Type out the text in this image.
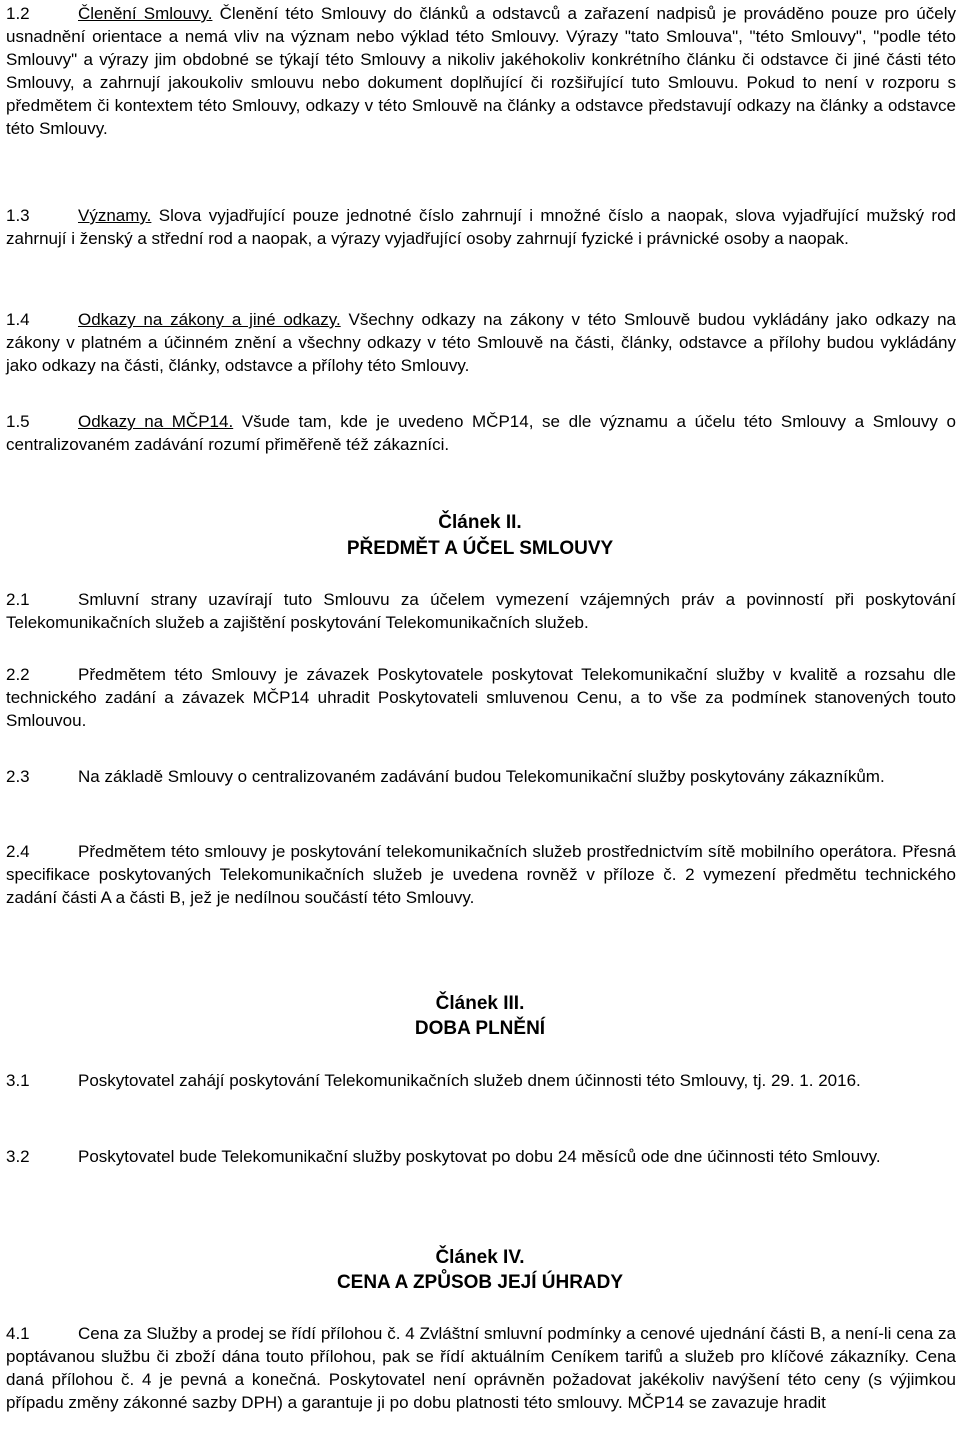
1.2	Členění Smlouvy. Členění této Smlouvy do článků a odstavců a zařazení nadpisů je prováděno pouze pro účely usnadnění orientace a nemá vliv na význam nebo výklad této Smlouvy. Výrazy "tato Smlouva", "této Smlouvy", "podle této Smlouvy" a výrazy jim obdobné se týkají této Smlouvy a nikoliv jakéhokoliv konkrétního článku či odstavce či jiné části této Smlouvy, a zahrnují jakoukoliv smlouvu nebo dokument doplňující či rozšiřující tuto Smlouvu. Pokud to není v rozporu s předmětem či kontextem této Smlouvy, odkazy v této Smlouvě na články a odstavce představují odkazy na články a odstavce této Smlouvy.
1.3	Významy. Slova vyjadřující pouze jednotné číslo zahrnují i množné číslo a naopak, slova vyjadřující mužský rod zahrnují i ženský a střední rod a naopak, a výrazy vyjadřující osoby zahrnují fyzické i právnické osoby a naopak.
1.4	Odkazy na zákony a jiné odkazy. Všechny odkazy na zákony v této Smlouvě budou vykládány jako odkazy na zákony v platném a účinném znění a všechny odkazy v této Smlouvě na části, články, odstavce a přílohy budou vykládány jako odkazy na části, články, odstavce a přílohy této Smlouvy.
1.5	Odkazy na MČP14. Všude tam, kde je uvedeno MČP14, se dle významu a účelu této Smlouvy a Smlouvy o centralizovaném zadávání rozumí přiměřeně též zákazníci.
Článek II.
PŘEDMĚT A ÚČEL SMLOUVY
2.1	Smluvní strany uzavírají tuto Smlouvu za účelem vymezení vzájemných práv a povinností při poskytování Telekomunikačních služeb a zajištění poskytování Telekomunikačních služeb.
2.2	Předmětem této Smlouvy je závazek Poskytovatele poskytovat Telekomunikační služby v kvalitě a rozsahu dle technického zadání a závazek MČP14 uhradit Poskytovateli smluvenou Cenu, a to vše za podmínek stanovených touto Smlouvou.
2.3	Na základě Smlouvy o centralizovaném zadávání budou Telekomunikační služby poskytovány zákazníkům.
2.4	Předmětem této smlouvy je poskytování telekomunikačních služeb prostřednictvím sítě mobilního operátora. Přesná specifikace poskytovaných Telekomunikačních služeb je uvedena rovněž v příloze č. 2 vymezení předmětu technického zadání části A a části B, jež je nedílnou součástí této Smlouvy.
Článek III.
DOBA PLNĚNÍ
3.1	Poskytovatel zahájí poskytování Telekomunikačních služeb dnem účinnosti této Smlouvy, tj. 29. 1. 2016.
3.2	Poskytovatel bude Telekomunikační služby poskytovat po dobu 24 měsíců ode dne účinnosti této Smlouvy.
Článek IV.
CENA A ZPŮSOB JEJÍ ÚHRADY
4.1	Cena za Služby a prodej se řídí přílohou č. 4 Zvláštní smluvní podmínky a cenové ujednání části B, a není-li cena za poptávanou službu či zboží dána touto přílohou, pak se řídí aktuálním Ceníkem tarifů a služeb pro klíčové zákazníky. Cena daná přílohou č. 4 je pevná a konečná. Poskytovatel není oprávněn požadovat jakékoliv navýšení této ceny (s výjimkou případu změny zákonné sazby DPH) a garantuje ji po dobu platnosti této smlouvy. MČP14 se zavazuje hradit
